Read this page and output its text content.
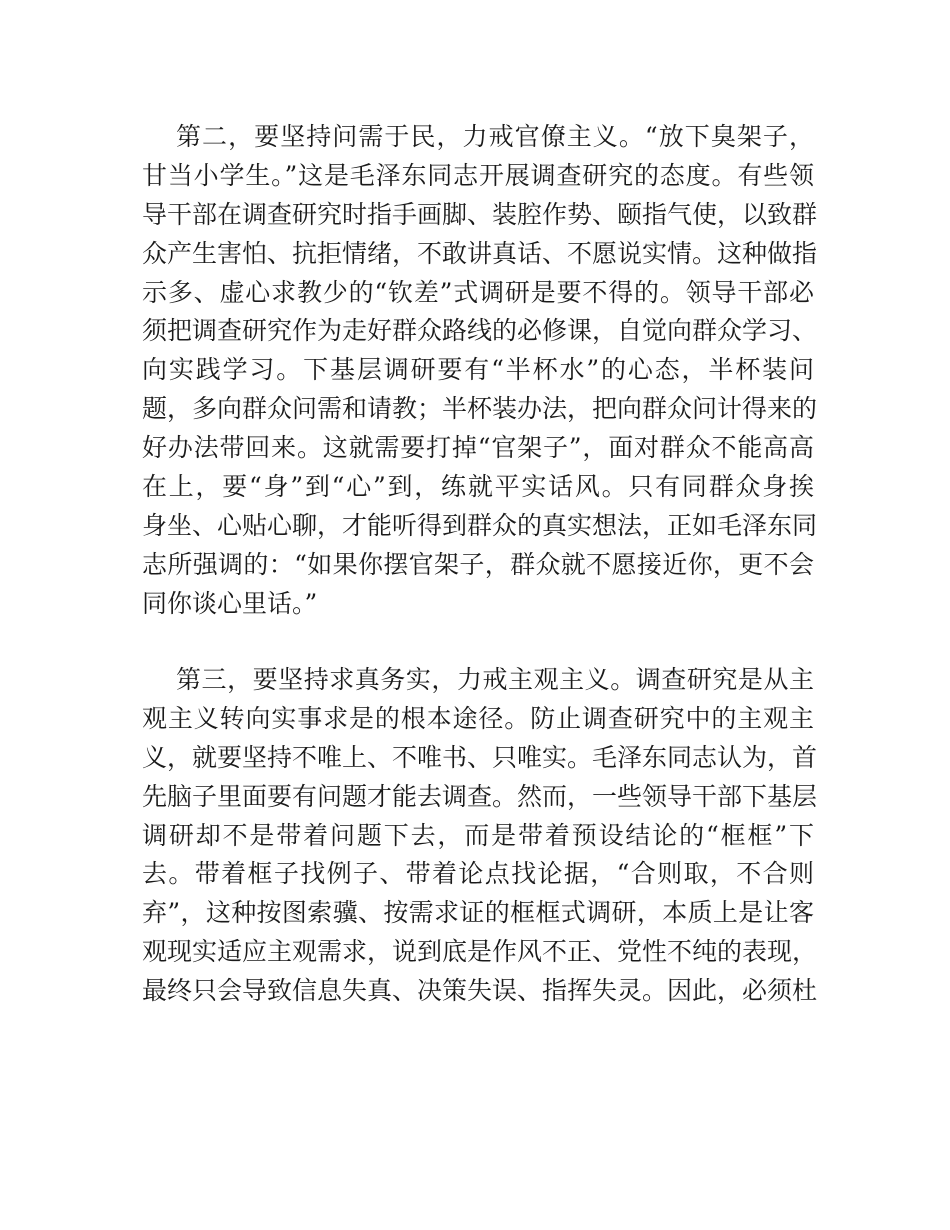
第二，要坚持问需于民，力戒官僚主义。“放下臭架子，
甘当小学生。”这是毛泽东同志开展调查研究的态度。有些领
导干部在调查研究时指手画脚、装腔作势、颐指气使，以致群
众产生害怕、抗拒情绪，不敢讲真话、不愿说实情。这种做指
示多、虚心求教少的“钦差”式调研是要不得的。领导干部必
须把调查研究作为走好群众路线的必修课，自觉向群众学习、
向实践学习。下基层调研要有“半杯水”的心态，半杯装问
题，多向群众问需和请教；半杯装办法，把向群众问计得来的
好办法带回来。这就需要打掉“官架子”，面对群众不能高高
在上，要“身”到“心”到，练就平实话风。只有同群众身挨
身坐、心贴心聊，才能听得到群众的真实想法，正如毛泽东同
志所强调的：“如果你摆官架子，群众就不愿接近你，更不会
同你谈心里话。”
第三，要坚持求真务实，力戒主观主义。调查研究是从主
观主义转向实事求是的根本途径。防止调查研究中的主观主
义，就要坚持不唯上、不唯书、只唯实。毛泽东同志认为，首
先脑子里面要有问题才能去调查。然而，一些领导干部下基层
调研却不是带着问题下去，而是带着预设结论的“框框”下
去。带着框子找例子、带着论点找论据，“合则取，不合则
弃”，这种按图索骥、按需求证的框框式调研，本质上是让客
观现实适应主观需求，说到底是作风不正、党性不纯的表现，
最终只会导致信息失真、决策失误、指挥失灵。因此，必须杜
